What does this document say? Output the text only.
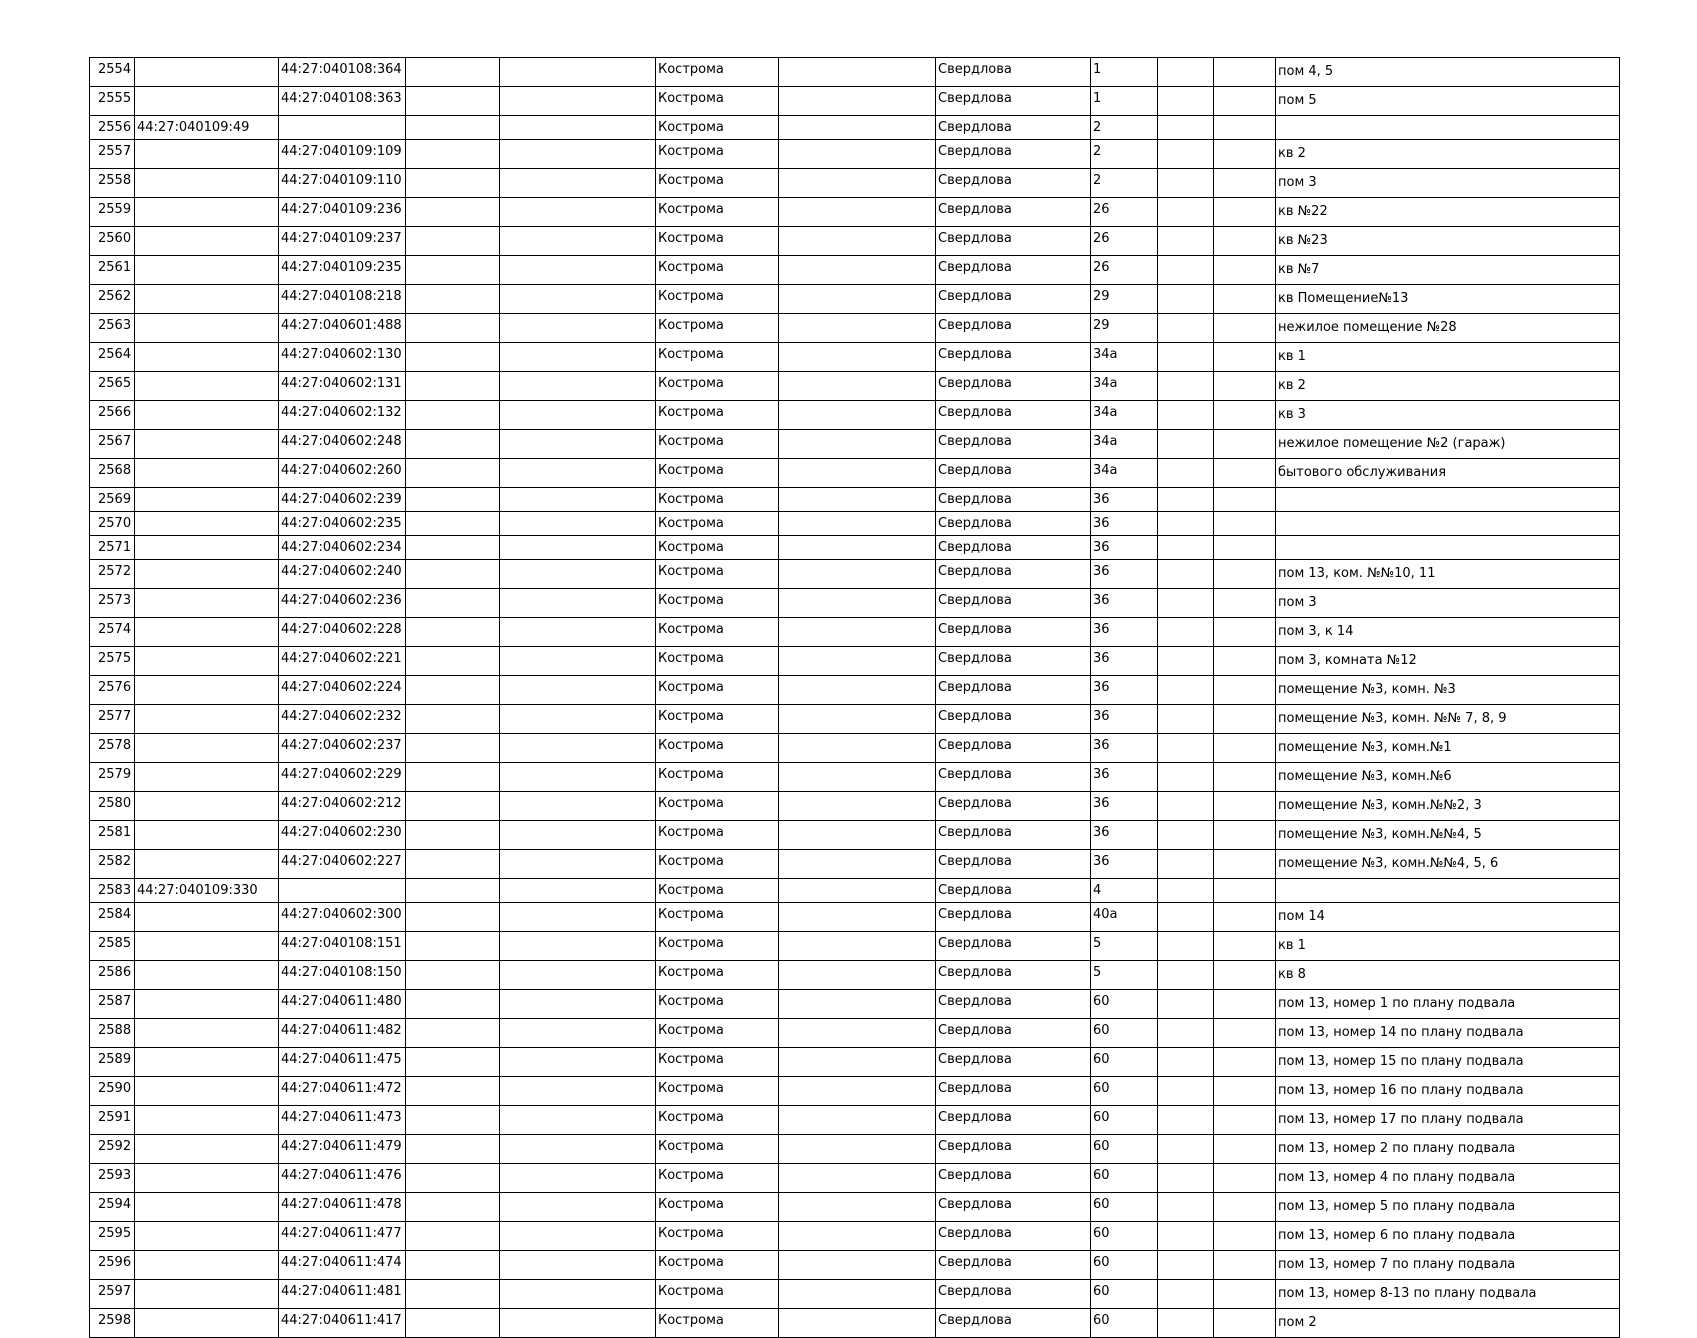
2554		44:27:040108:364			Кострома		Свердлова	1			пом 4, 5
2555		44:27:040108:363			Кострома		Свердлова	1			пом 5
2556	44:27:040109:49				Кострома		Свердлова	2			
2557		44:27:040109:109			Кострома		Свердлова	2			кв 2
2558		44:27:040109:110			Кострома		Свердлова	2			пом 3
2559		44:27:040109:236			Кострома		Свердлова	26			кв №22
2560		44:27:040109:237			Кострома		Свердлова	26			кв №23
2561		44:27:040109:235			Кострома		Свердлова	26			кв №7
2562		44:27:040108:218			Кострома		Свердлова	29			кв Помещение№13
2563		44:27:040601:488			Кострома		Свердлова	29			нежилое помещение №28
2564		44:27:040602:130			Кострома		Свердлова	34а			кв 1
2565		44:27:040602:131			Кострома		Свердлова	34а			кв 2
2566		44:27:040602:132			Кострома		Свердлова	34а			кв 3
2567		44:27:040602:248			Кострома		Свердлова	34а			нежилое помещение №2 (гараж)
2568		44:27:040602:260			Кострома		Свердлова	34а			бытового обслуживания
2569		44:27:040602:239			Кострома		Свердлова	36			
2570		44:27:040602:235			Кострома		Свердлова	36			
2571		44:27:040602:234			Кострома		Свердлова	36			
2572		44:27:040602:240			Кострома		Свердлова	36			пом 13, ком. №№10, 11
2573		44:27:040602:236			Кострома		Свердлова	36			пом 3
2574		44:27:040602:228			Кострома		Свердлова	36			пом 3, к 14
2575		44:27:040602:221			Кострома		Свердлова	36			пом 3, комната №12
2576		44:27:040602:224			Кострома		Свердлова	36			помещение №3, комн. №3
2577		44:27:040602:232			Кострома		Свердлова	36			помещение №3, комн. №№ 7, 8, 9
2578		44:27:040602:237			Кострома		Свердлова	36			помещение №3, комн.№1
2579		44:27:040602:229			Кострома		Свердлова	36			помещение №3, комн.№6
2580		44:27:040602:212			Кострома		Свердлова	36			помещение №3, комн.№№2, 3
2581		44:27:040602:230			Кострома		Свердлова	36			помещение №3, комн.№№4, 5
2582		44:27:040602:227			Кострома		Свердлова	36			помещение №3, комн.№№4, 5, 6
2583	44:27:040109:330				Кострома		Свердлова	4			
2584		44:27:040602:300			Кострома		Свердлова	40а			пом 14
2585		44:27:040108:151			Кострома		Свердлова	5			кв 1
2586		44:27:040108:150			Кострома		Свердлова	5			кв 8
2587		44:27:040611:480			Кострома		Свердлова	60			пом 13, номер 1 по плану подвала
2588		44:27:040611:482			Кострома		Свердлова	60			пом 13, номер 14 по плану подвала
2589		44:27:040611:475			Кострома		Свердлова	60			пом 13, номер 15 по плану подвала
2590		44:27:040611:472			Кострома		Свердлова	60			пом 13, номер 16 по плану подвала
2591		44:27:040611:473			Кострома		Свердлова	60			пом 13, номер 17 по плану подвала
2592		44:27:040611:479			Кострома		Свердлова	60			пом 13, номер 2 по плану подвала
2593		44:27:040611:476			Кострома		Свердлова	60			пом 13, номер 4 по плану подвала
2594		44:27:040611:478			Кострома		Свердлова	60			пом 13, номер 5 по плану подвала
2595		44:27:040611:477			Кострома		Свердлова	60			пом 13, номер 6 по плану подвала
2596		44:27:040611:474			Кострома		Свердлова	60			пом 13, номер 7 по плану подвала
2597		44:27:040611:481			Кострома		Свердлова	60			пом 13, номер 8-13 по плану подвала
2598		44:27:040611:417			Кострома		Свердлова	60			пом 2
